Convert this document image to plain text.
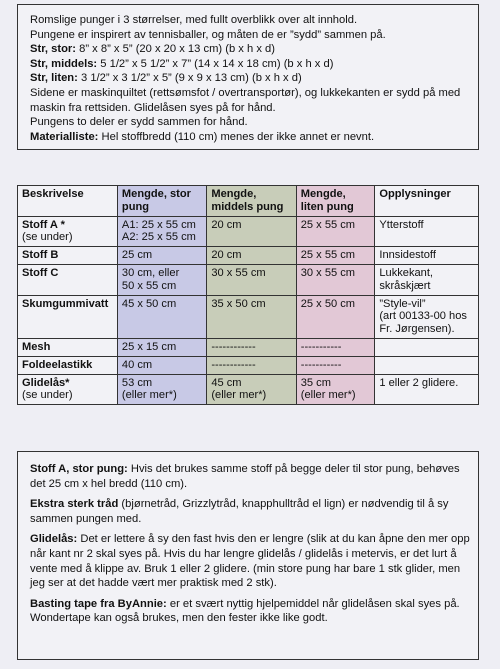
Romslige punger i 3 størrelser, med fullt overblikk over alt innhold.

Pungene er inspirert av tennisballer, og måten de er ”sydd” sammen på.

Str, stor: 8” x 8” x 5” (20 x 20 x 13 cm) (b x h x d)

Str, middels: 5 1/2” x 5 1/2” x 7” (14 x 14 x 18 cm) (b x h x d)

Str, liten: 3 1/2” x 3 1/2” x 5” (9 x 9 x 13 cm) (b x h x d)

Sidene er maskinquiltet (rettsømsfot / overtransportør), og lukkekanten er sydd på med maskin fra rettsiden. Glidelåsen syes på for hånd.

Pungens to deler er sydd sammen for hånd.

Materialliste: Hel stoffbredd (110 cm) menes der ikke annet er nevnt.

Beskrivelse	Mengde, stor pung	Mengde, middels pung	Mengde, liten pung	Opplysninger
Stoff A *
(se under)	A1: 25 x 55 cm
A2: 25 x 55 cm	20 cm	25 x 55 cm	Ytterstoff
Stoff B	25 cm	20 cm	25 x 55 cm	Innsidestoff
Stoff C	30 cm, eller
50 x 55 cm	30 x 55 cm	30 x 55 cm	Lukkekant,
skråskjært
Skumgummivatt	45 x 50 cm	35 x 50 cm	25 x 50 cm	”Style-vil”
(art 00133-00 hos
Fr. Jørgensen).
Mesh	25 x 15 cm	------------	-----------	
Foldeelastikk	40 cm	------------	-----------	
Glidelås*
(se under)	53 cm
(eller mer*)	45 cm
(eller mer*)	35 cm
(eller mer*)	1 eller 2 glidere.

Stoff A, stor pung: Hvis det brukes samme stoff på begge deler til stor pung, behøves det 25 cm x hel bredd (110 cm).

Ekstra sterk tråd (bjørnetråd, Grizzlytråd, knapphulltråd el lign) er nødvendig til å sy sammen pungen med.

Glidelås: Det er lettere å sy den fast hvis den er lengre (slik at du kan åpne den mer opp når kant nr 2 skal syes på. Hvis du har lengre glidelås / glidelås i metervis, er det lurt å vente med å klippe av. Bruk 1 eller 2 glidere. (min store pung har bare 1 stk glider, men jeg ser at det hadde vært mer praktisk med 2 stk).

Basting tape fra ByAnnie: er et svært nyttig hjelpemiddel når glidelåsen skal syes på. Wondertape kan også brukes, men den fester ikke like godt.
